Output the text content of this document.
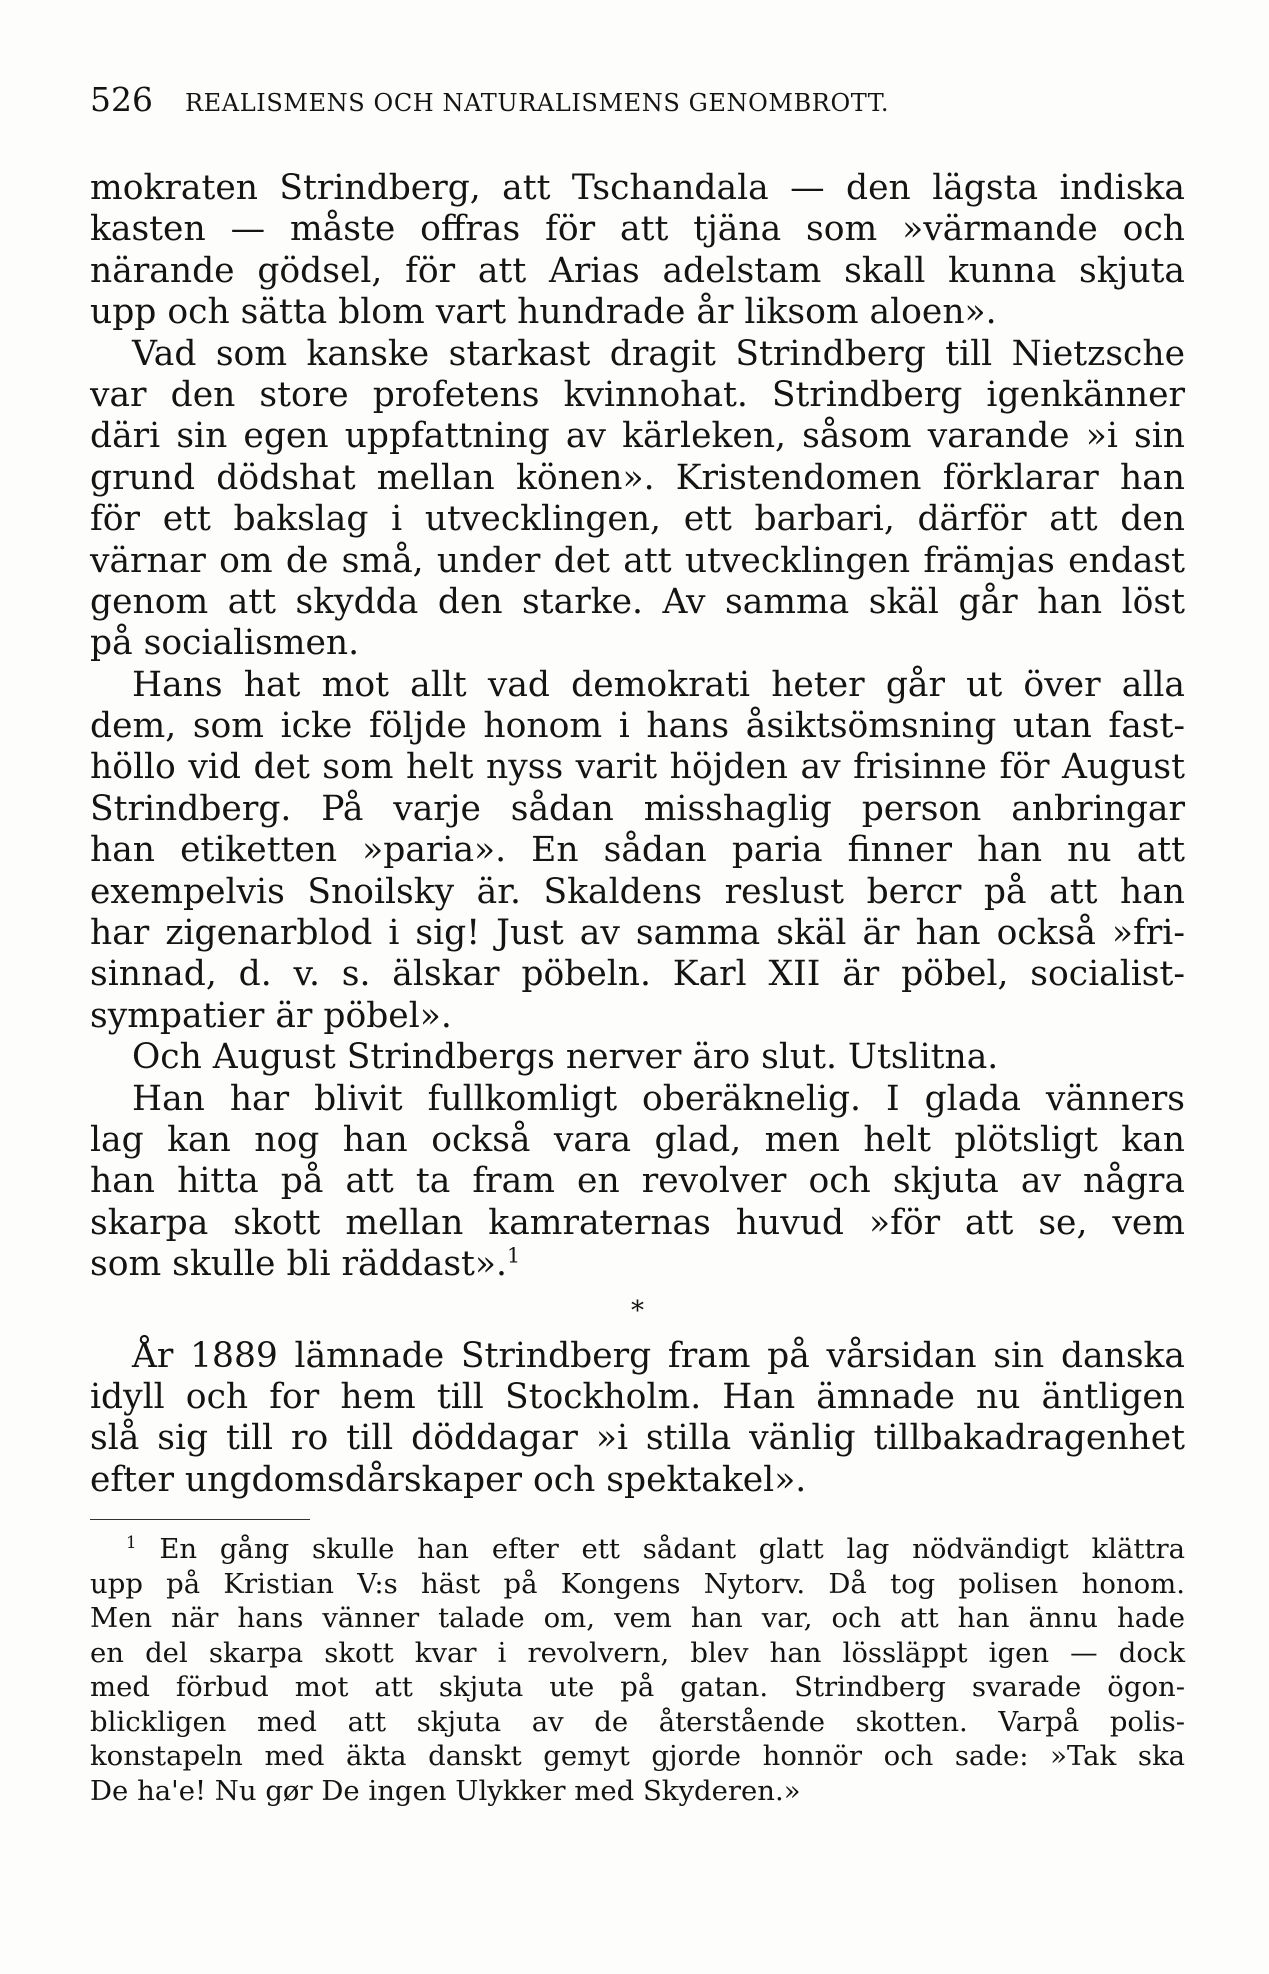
526 REALISMENS OCH NATURALISMENS GENOMBROTT.
mokraten Strindberg, att Tschandala — den lägsta indiska
kasten — måste offras för att tjäna som »värmande och
närande gödsel, för att Arias adelstam skall kunna skjuta
upp och sätta blom vart hundrade år liksom aloen».
Vad som kanske starkast dragit Strindberg till Nietzsche
var den store profetens kvinnohat. Strindberg igenkänner
däri sin egen uppfattning av kärleken, såsom varande »i sin
grund dödshat mellan könen». Kristendomen förklarar han
för ett bakslag i utvecklingen, ett barbari, därför att den
värnar om de små, under det att utvecklingen främjas endast
genom att skydda den starke. Av samma skäl går han löst
på socialismen.
Hans hat mot allt vad demokrati heter går ut över alla
dem, som icke följde honom i hans åsiktsömsning utan fast-
höllo vid det som helt nyss varit höjden av frisinne för August
Strindberg. På varje sådan misshaglig person anbringar
han etiketten »paria». En sådan paria finner han nu att
exempelvis Snoilsky är. Skaldens reslust bercr på att han
har zigenarblod i sig! Just av samma skäl är han också »fri-
sinnad, d. v. s. älskar pöbeln. Karl XII är pöbel, socialist-
sympatier är pöbel».
Och August Strindbergs nerver äro slut. Utslitna.
Han har blivit fullkomligt oberäknelig. I glada vänners
lag kan nog han också vara glad, men helt plötsligt kan
han hitta på att ta fram en revolver och skjuta av några
skarpa skott mellan kamraternas huvud »för att se, vem
som skulle bli räddast».$^1$
*
År 1889 lämnade Strindberg fram på vårsidan sin danska
idyll och for hem till Stockholm. Han ämnade nu äntligen
slå sig till ro till döddagar »i stilla vänlig tillbakadragenhet
efter ungdomsdårskaper och spektakel».
$^1$ En gång skulle han efter ett sådant glatt lag nödvändigt klättra
upp på Kristian V:s häst på Kongens Nytorv. Då tog polisen honom.
Men när hans vänner talade om, vem han var, och att han ännu hade
en del skarpa skott kvar i revolvern, blev han lössläppt igen — dock
med förbud mot att skjuta ute på gatan. Strindberg svarade ögon-
blickligen med att skjuta av de återstående skotten. Varpå polis-
konstapeln med äkta danskt gemyt gjorde honnör och sade: »Tak ska
De ha'e! Nu gør De ingen Ulykker med Skyderen.»
